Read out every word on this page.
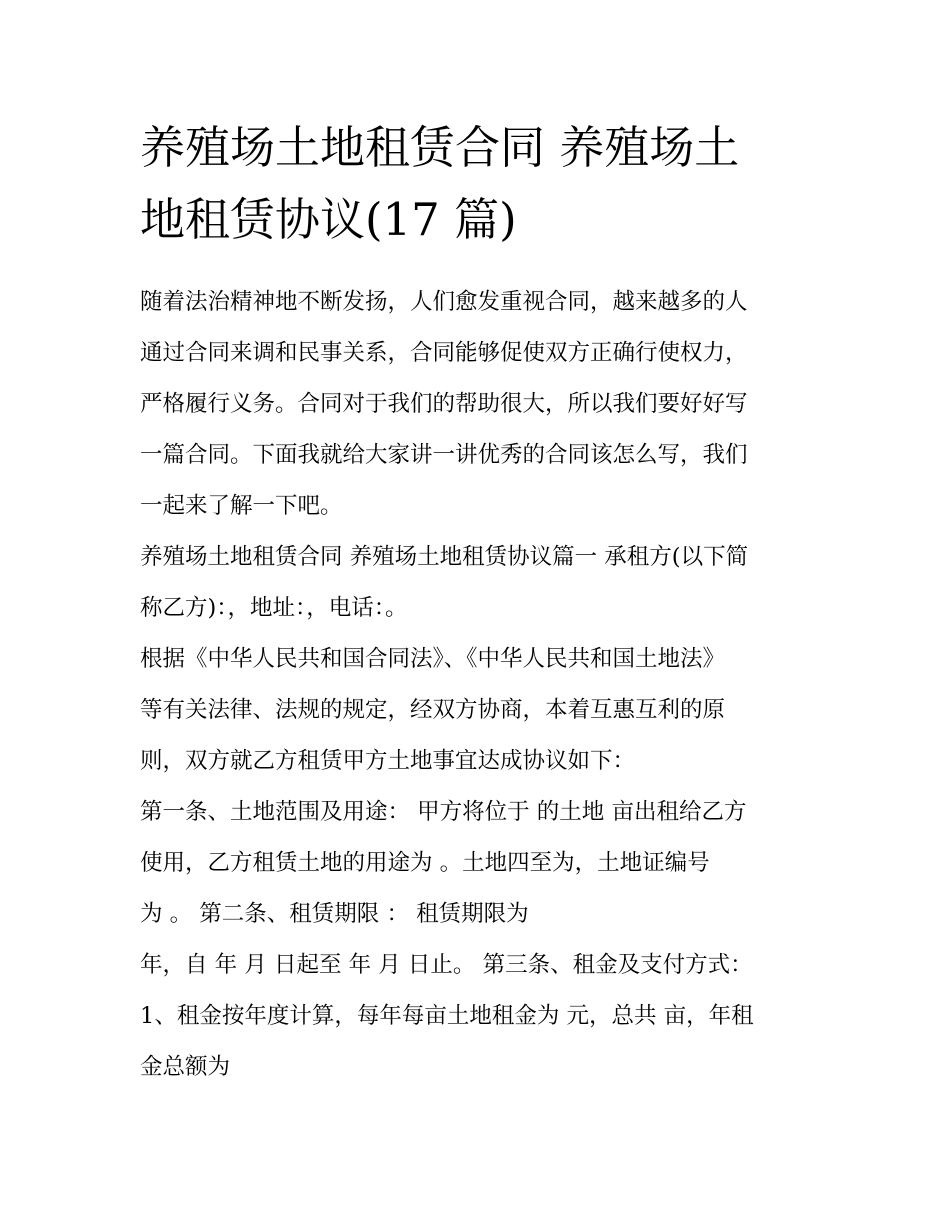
养殖场土地租赁合同 养殖场土
地租赁协议(17 篇)
随着法治精神地不断发扬，人们愈发重视合同，越来越多的人
通过合同来调和民事关系，合同能够促使双方正确行使权力，
严格履行义务。合同对于我们的帮助很大，所以我们要好好写
一篇合同。下面我就给大家讲一讲优秀的合同该怎么写，我们
一起来了解一下吧。
养殖场土地租赁合同 养殖场土地租赁协议篇一 承租方(以下简
称乙方)：，地址：，电话：。
根据《中华人民共和国合同法》、《中华人民共和国土地法》
等有关法律、法规的规定，经双方协商，本着互惠互利的原
则，双方就乙方租赁甲方土地事宜达成协议如下：
第一条、土地范围及用途： 甲方将位于 的土地 亩出租给乙方
使用，乙方租赁土地的用途为 。土地四至为，土地证编号
为 。 第二条、租赁期限 ： 租赁期限为
年，自 年 月 日起至 年 月 日止。 第三条、租金及支付方式：
1、租金按年度计算，每年每亩土地租金为 元，总共 亩，年租
金总额为
